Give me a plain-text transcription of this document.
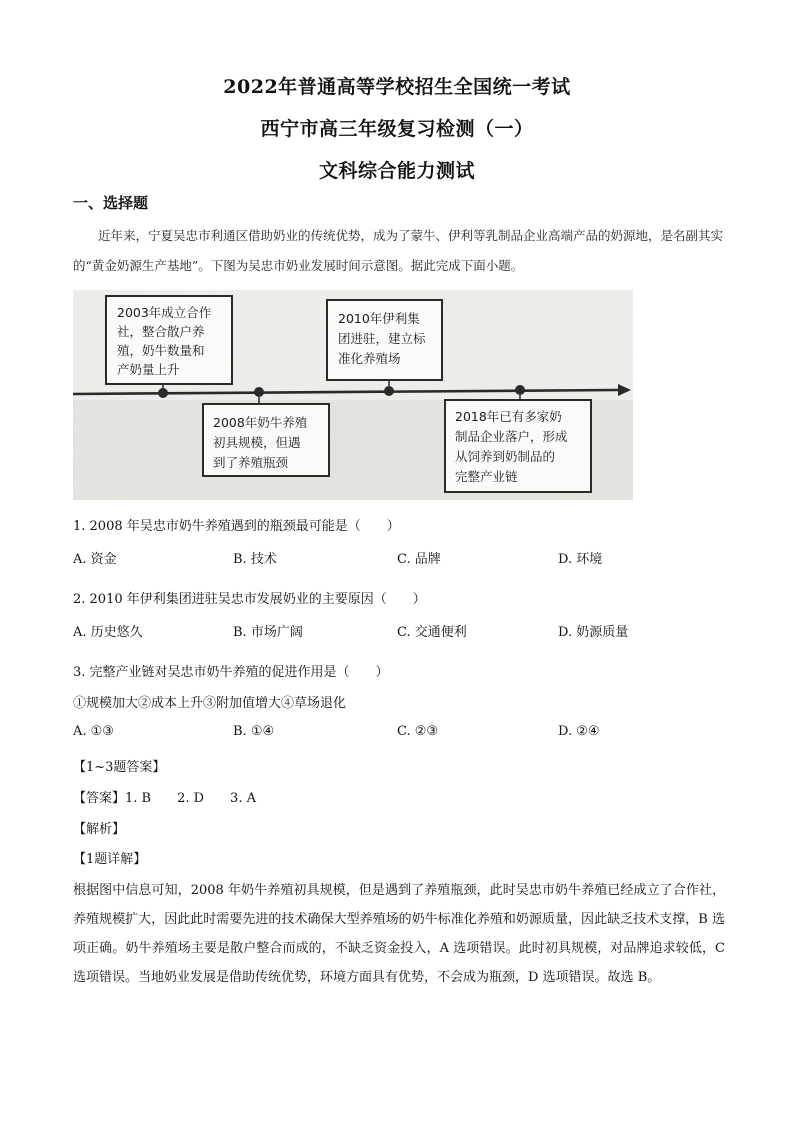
2022年普通高等学校招生全国统一考试
西宁市高三年级复习检测（一）
文科综合能力测试
一、选择题

近年来，宁夏吴忠市利通区借助奶业的传统优势，成为了蒙牛、伊利等乳制品企业高端产品的奶源地，是名副其实的“黄金奶源生产基地”。下图为吴忠市奶业发展时间示意图。据此完成下面小题。

2003年成立合作
社，整合散户养
殖，奶牛数量和
产奶量上升
2008年奶牛养殖
初具规模，但遇
到了养殖瓶颈
2010年伊利集
团进驻，建立标
准化养殖场
2018年已有多家奶
制品企业落户，形成
从饲养到奶制品的
完整产业链
1. 2008 年吴忠市奶牛养殖遇到的瓶颈最可能是（　　）
A. 资金	B. 技术	C. 品牌	D. 环境
2. 2010 年伊利集团进驻吴忠市发展奶业的主要原因（　　）
A. 历史悠久	B. 市场广阔	C. 交通便利	D. 奶源质量
3. 完整产业链对吴忠市奶牛养殖的促进作用是（　　）
①规模加大②成本上升③附加值增大④草场退化
A. ①③	B. ①④	C. ②③	D. ②④
【1~3题答案】
【答案】1. B　　2. D　　3. A
【解析】
【1题详解】

根据图中信息可知，2008 年奶牛养殖初具规模，但是遇到了养殖瓶颈，此时吴忠市奶牛养殖已经成立了合作社，养殖规模扩大，因此此时需要先进的技术确保大型养殖场的奶牛标准化养殖和奶源质量，因此缺乏技术支撑，B 选项正确。奶牛养殖场主要是散户整合而成的，不缺乏资金投入，A 选项错误。此时初具规模，对品牌追求较低，C 选项错误。当地奶业发展是借助传统优势，环境方面具有优势，不会成为瓶颈，D 选项错误。故选 B。
